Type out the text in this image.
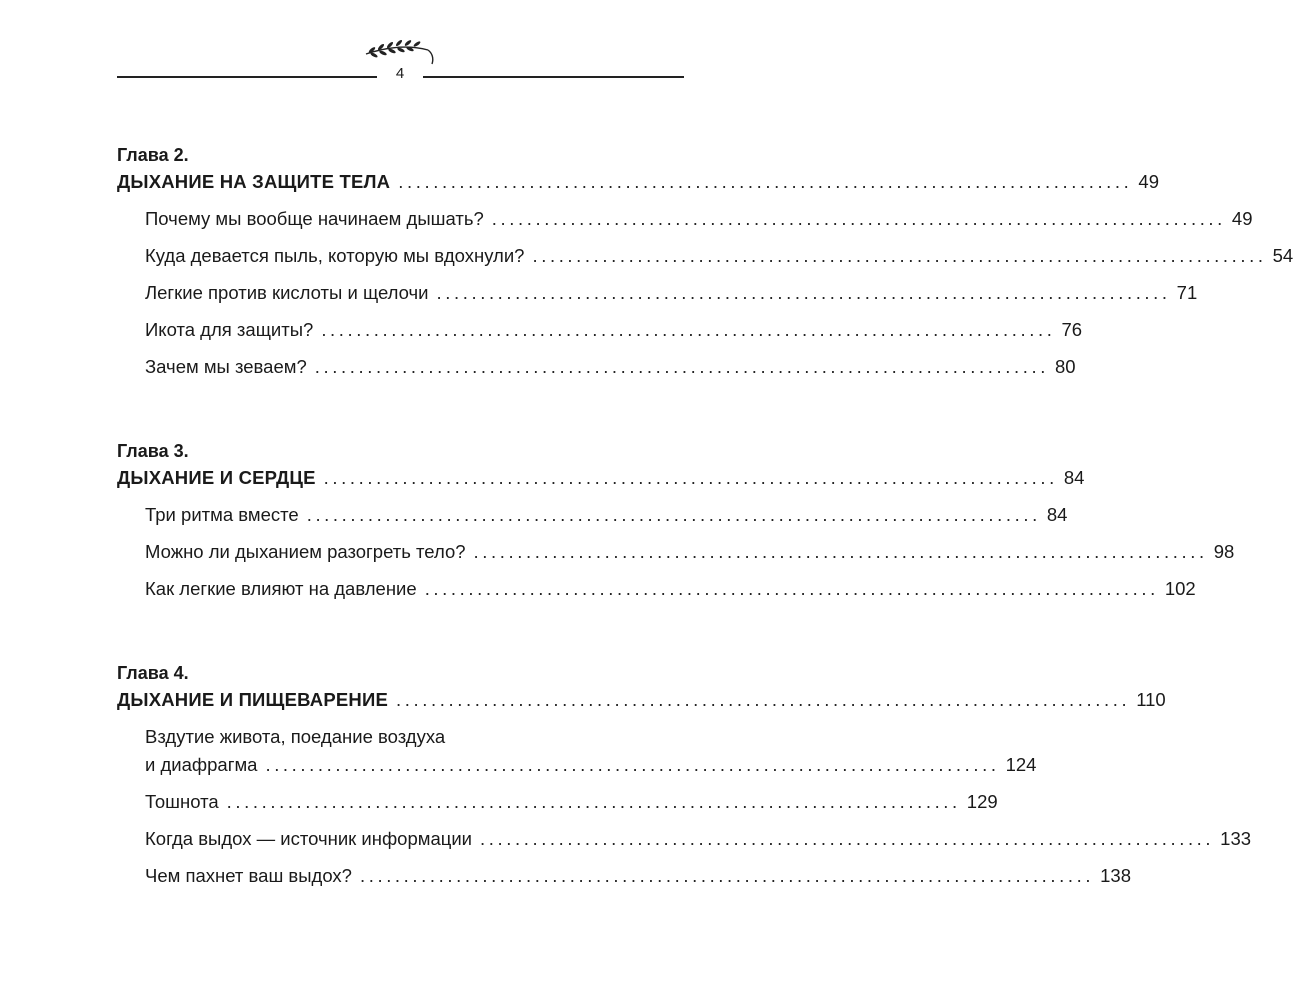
4
Глава 2.
ДЫХАНИЕ НА ЗАЩИТЕ ТЕЛА .................................................................................... 49
Почему мы вообще начинаем дышать? .................................................................................... 49
Куда девается пыль, которую мы вдохнули? .................................................................................... 54
Легкие против кислоты и щелочи .................................................................................... 71
Икота для защиты? .................................................................................... 76
Зачем мы зеваем? .................................................................................... 80
Глава 3.
ДЫХАНИЕ И СЕРДЦЕ .................................................................................... 84
Три ритма вместе .................................................................................... 84
Можно ли дыханием разогреть тело? .................................................................................... 98
Как легкие влияют на давление .................................................................................... 102
Глава 4.
ДЫХАНИЕ И ПИЩЕВАРЕНИЕ .................................................................................... 110
Вздутие живота, поедание воздуха
и диафрагма .................................................................................... 124
Тошнота .................................................................................... 129
Когда выдох — источник информации .................................................................................... 133
Чем пахнет ваш выдох? .................................................................................... 138
